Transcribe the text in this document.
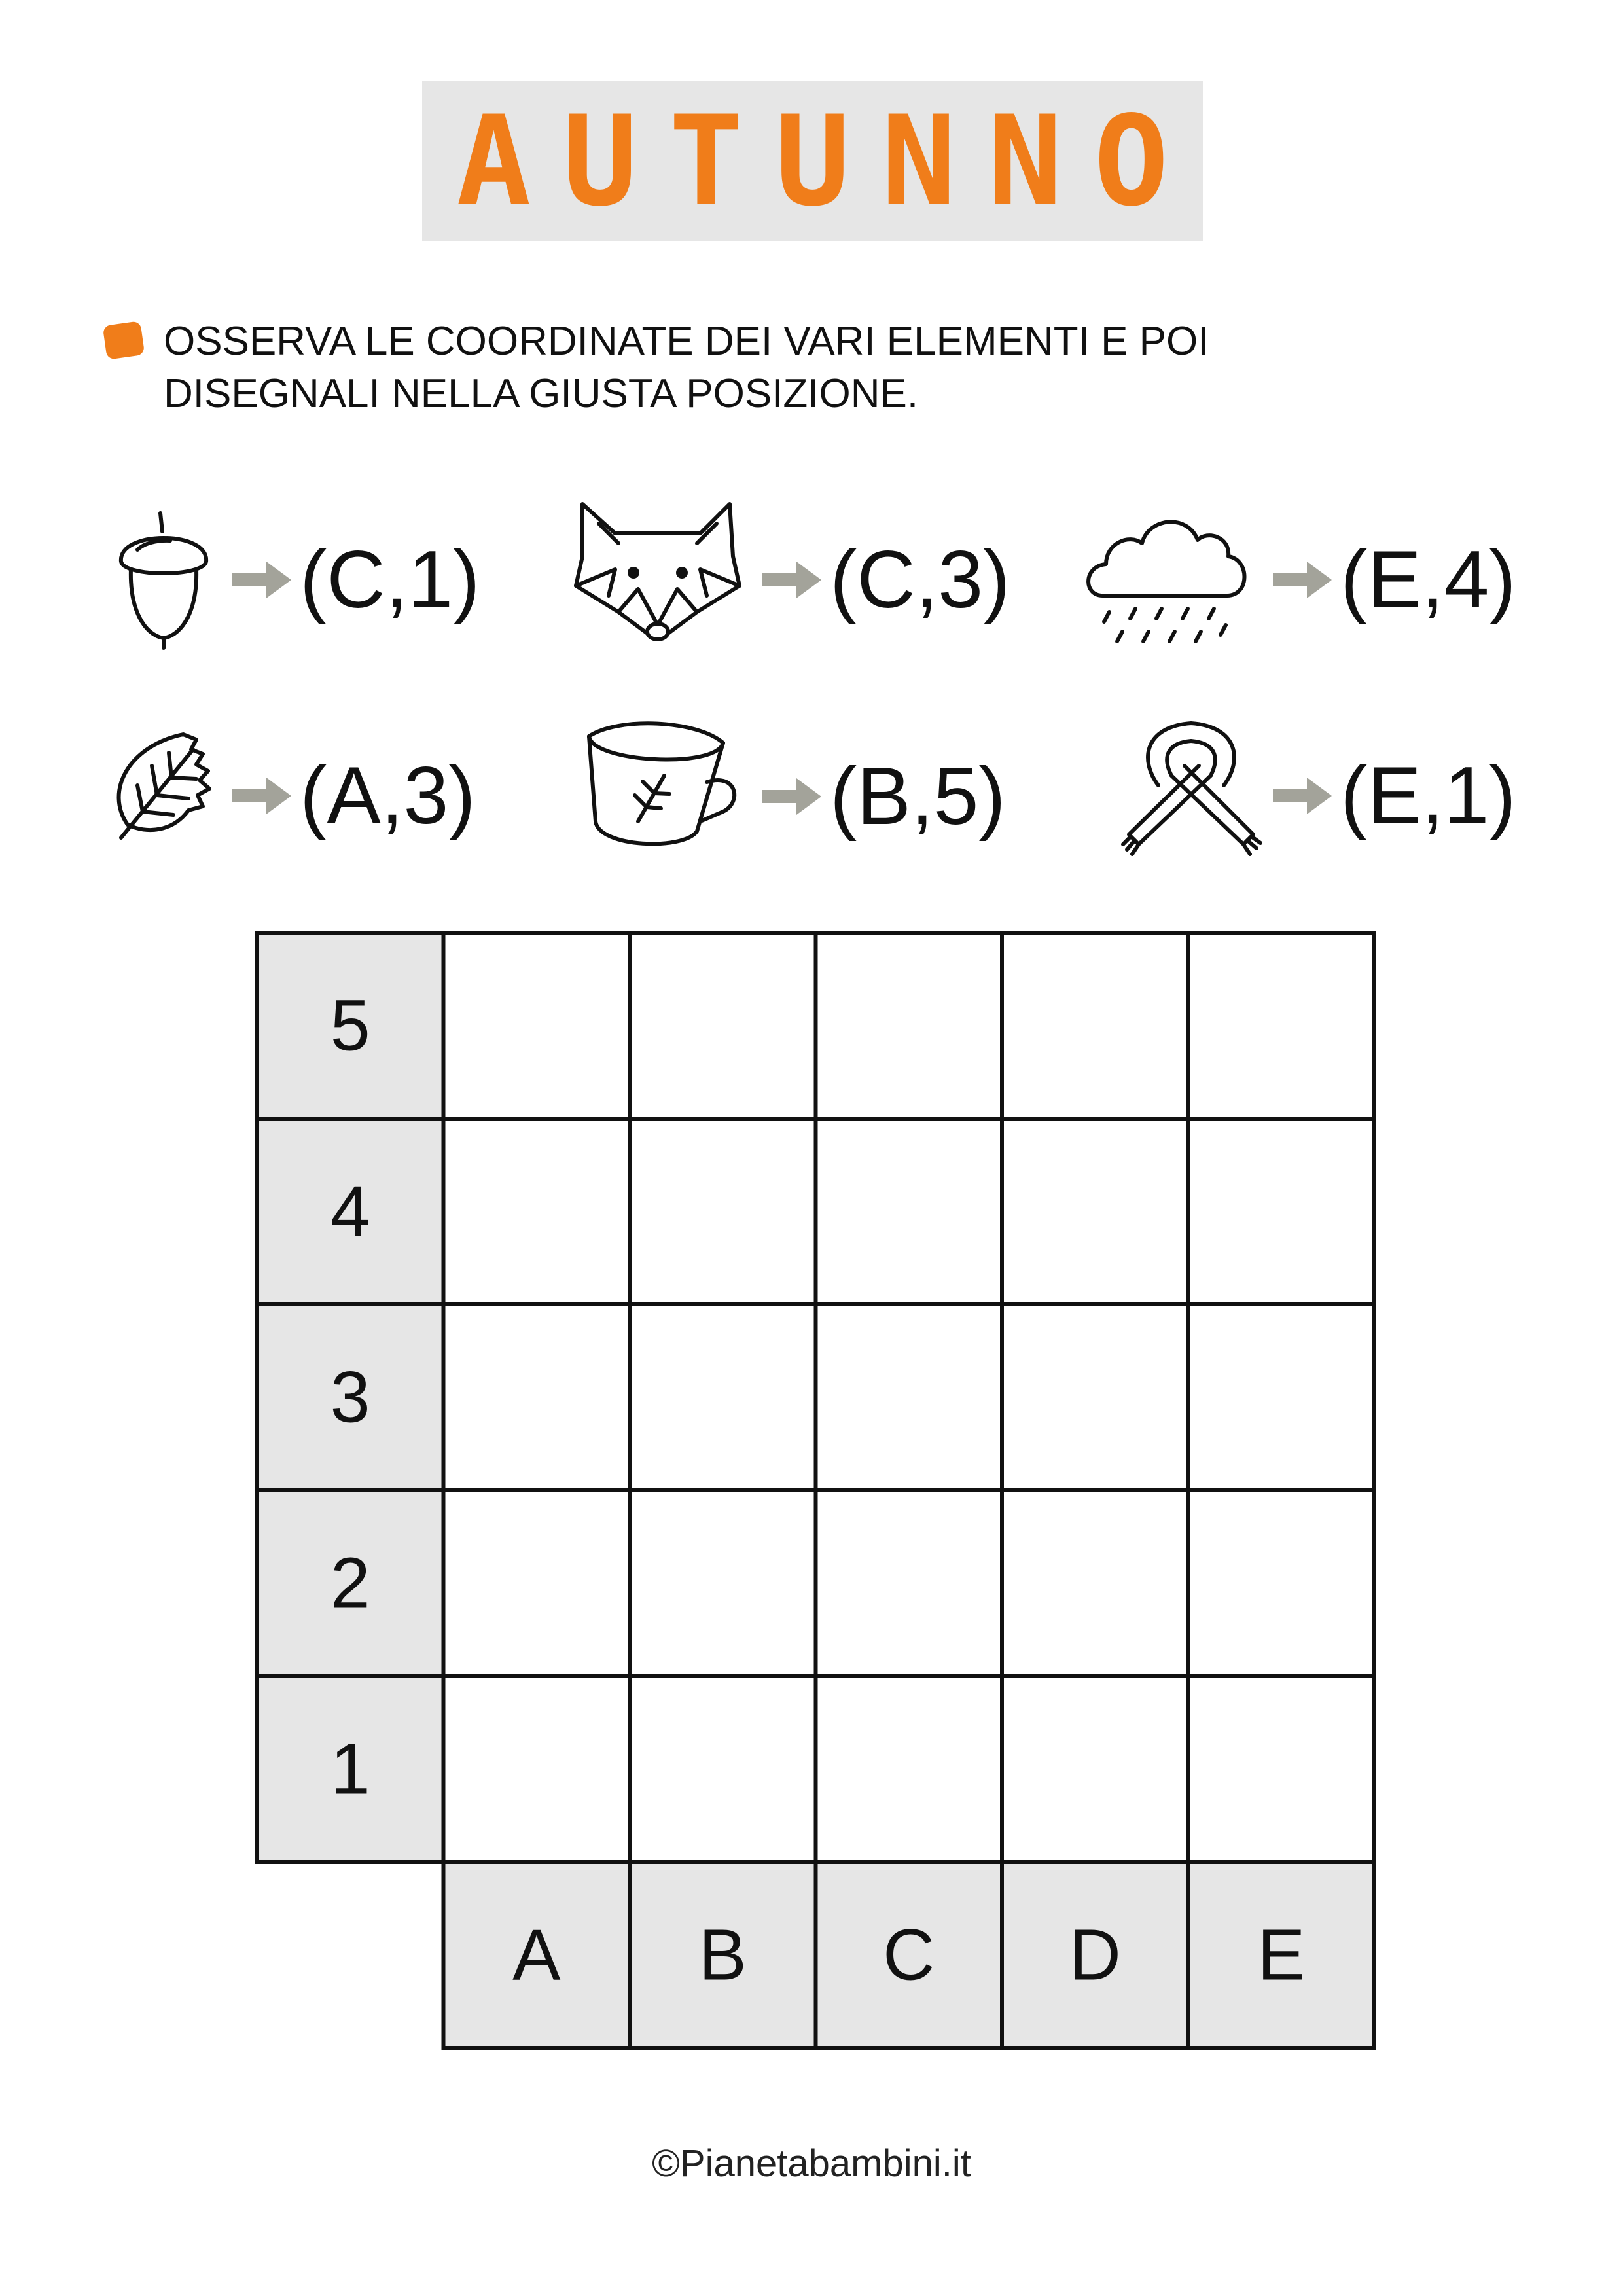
AUTUNNO
OSSERVA LE COORDINATE DEI VARI ELEMENTI E POI
DISEGNALI NELLA GIUSTA POSIZIONE.
(C,1)	(C,3)	(E,4)
(A,3)	(B,5)	(E,1)
5
4
3
2
1
A B C D E
©Pianetabambini.it
